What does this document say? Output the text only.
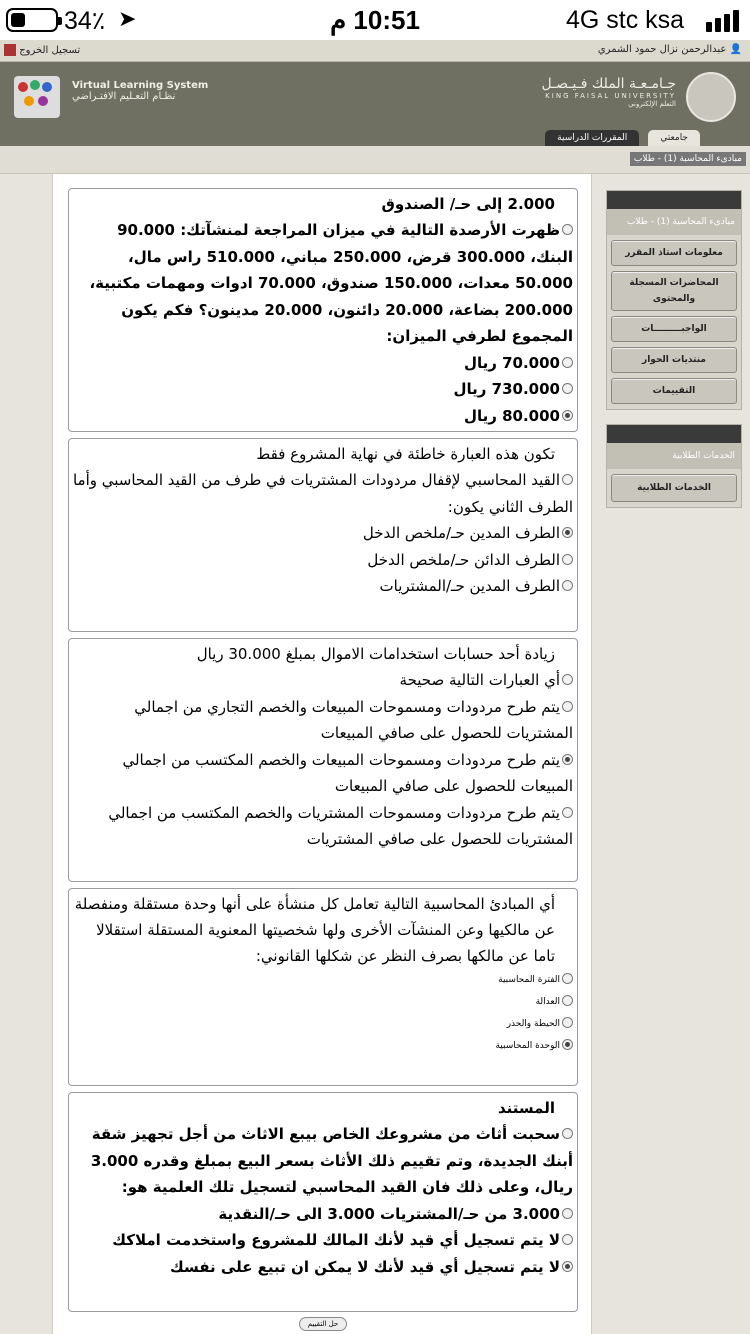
34٪ ➤	10:51 م	4G stc ksa
👤 عبدالرحمن نزال حمود الشمري
تسجيل الخروج
Virtual Learning System
نظـام التعـليم الافتـراضي
جـامـعـة الملك فـيـصـل
KING FAISAL UNIVERSITY
التعلم الإلكتروني
جامعتي المقررات الدراسية
مبادىء المحاسبة (1) - طلاب
2.000 إلى حـ/ الصندوق
ظهرت الأرصدة التالية في ميزان المراجعة لمنشآتك: 90.000 البنك، 300.000 قرض، 250.000 مباني، 510.000 راس مال، 50.000 معدات، 150.000 صندوق، 70.000 ادوات ومهمات مكتبية، 200.000 بضاعة، 20.000 دائنون، 20.000 مدينون؟ فكم يكون المجموع لطرفي الميزان:
70.000 ريال
730.000 ريال
80.000 ريال
تكون هذه العبارة خاطئة في نهاية المشروع فقط
القيد المحاسبي لإقفال مردودات المشتريات في طرف من القيد المحاسبي وأما الطرف الثاني يكون:
الطرف المدين حـ/ملخص الدخل
الطرف الدائن حـ/ملخص الدخل
الطرف المدين حـ/المشتريات
زيادة أحد حسابات استخدامات الاموال بمبلغ 30.000 ريال
أي العبارات التالية صحيحة
يتم طرح مردودات ومسموحات المبيعات والخصم التجاري من اجمالي المشتريات للحصول على صافي المبيعات
يتم طرح مردودات ومسموحات المبيعات والخصم المكتسب من اجمالي المبيعات للحصول على صافي المبيعات
يتم طرح مردودات ومسموحات المشتريات والخصم المكتسب من اجمالي المشتريات للحصول على صافي المشتريات
أي المبادئ المحاسبية التالية تعامل كل منشأة على أنها وحدة مستقلة ومنفصلة عن مالكيها وعن المنشآت الأخرى ولها شخصيتها المعنوية المستقلة استقلالا تاما عن مالكها بصرف النظر عن شكلها القانوني:
الفترة المحاسبية
العدالة
الحيطة والحذر
الوحدة المحاسبية
المستند
سحبت أثاث من مشروعك الخاص بيبع الاثاث من أجل تجهيز شقة أبنك الجديدة، وتم تقييم ذلك الأثاث بسعر البيع بمبلغ وقدره 3.000 ريال، وعلى ذلك فان القيد المحاسبي لتسجيل تلك العلمية هو:
3.000 من حـ/المشتريات 3.000 الى حـ/النقدية
لا يتم تسجيل أي قيد لأنك المالك للمشروع واستخدمت املاكك
لا يتم تسجيل أي قيد لأنك لا يمكن ان تبيع على نفسك
حل التقييم
مبادىء المحاسبة (1) - طلاب
معلومات استاذ المقرر
المحاضرات المسجلة والمحتوى
الواجبـــــــــات
منتديات الحوار
التقييمات
الخدمات الطلابية
الخدمات الطلابية
